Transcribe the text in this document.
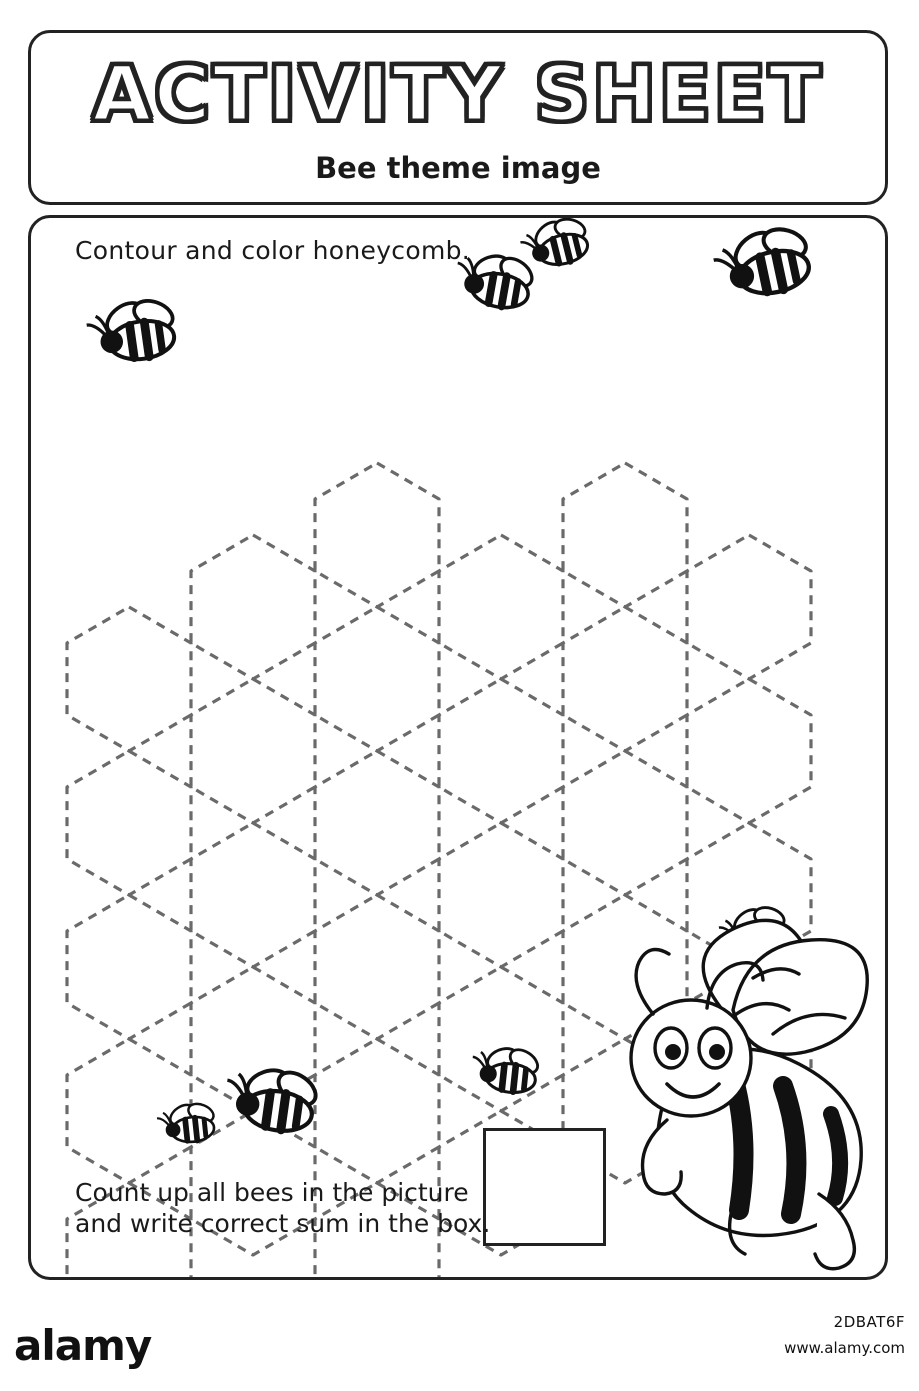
ACTIVITY SHEET
Bee theme image
Contour and color honeycomb.
Count up all bees in the picture
and write correct sum in the box.
alamy	2DBAT6F
www.alamy.com
